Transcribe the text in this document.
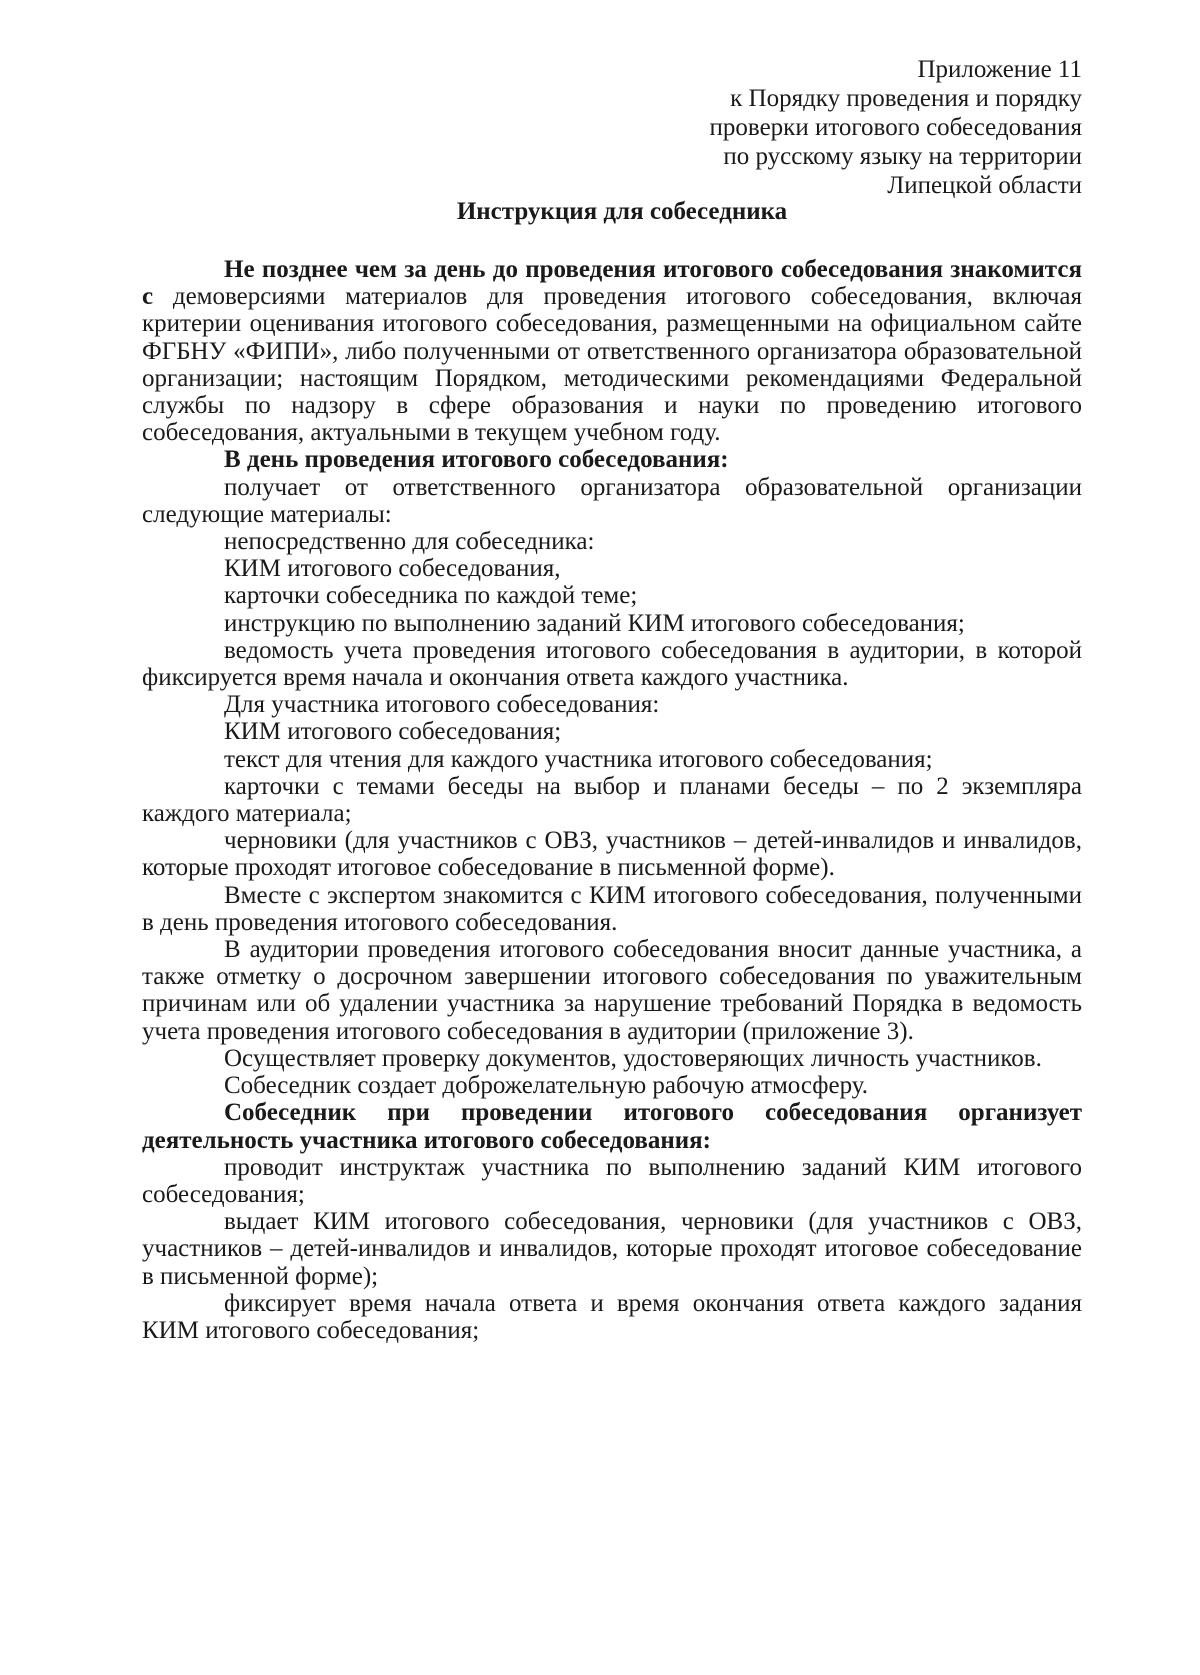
Приложение 11
к Порядку проведения и порядку
проверки итогового собеседования
по русскому языку на территории
Липецкой области
Инструкция для собеседника

Не позднее чем за день до проведения итогового собеседования знакомится с демоверсиями материалов для проведения итогового собеседования, включая критерии оценивания итогового собеседования, размещенными на официальном сайте ФГБНУ «ФИПИ», либо полученными от ответственного организатора образовательной организации; настоящим Порядком, методическими рекомендациями Федеральной службы по надзору в сфере образования и науки по проведению итогового собеседования, актуальными в текущем учебном году.

В день проведения итогового собеседования:

получает от ответственного организатора образовательной организации следующие материалы:

непосредственно для собеседника:

КИМ итогового собеседования,

карточки собеседника по каждой теме;

инструкцию по выполнению заданий КИМ итогового собеседования;

ведомость учета проведения итогового собеседования в аудитории, в которой фиксируется время начала и окончания ответа каждого участника.

Для участника итогового собеседования:

КИМ итогового собеседования;

текст для чтения для каждого участника итогового собеседования;

карточки с темами беседы на выбор и планами беседы – по 2 экземпляра каждого материала;

черновики (для участников с ОВЗ, участников – детей-инвалидов и инвалидов, которые проходят итоговое собеседование в письменной форме).

Вместе с экспертом знакомится с КИМ итогового собеседования, полученными в день проведения итогового собеседования.

В аудитории проведения итогового собеседования вносит данные участника, а также отметку о досрочном завершении итогового собеседования по уважительным причинам или об удалении участника за нарушение требований Порядка в ведомость учета проведения итогового собеседования в аудитории (приложение 3).

Осуществляет проверку документов, удостоверяющих личность участников.

Собеседник создает доброжелательную рабочую атмосферу.

Собеседник при проведении итогового собеседования организует деятельность участника итогового собеседования:

проводит инструктаж участника по выполнению заданий КИМ итогового собеседования;

выдает КИМ итогового собеседования, черновики (для участников с ОВЗ, участников – детей-инвалидов и инвалидов, которые проходят итоговое собеседование в письменной форме);

фиксирует время начала ответа и время окончания ответа каждого задания КИМ итогового собеседования;
